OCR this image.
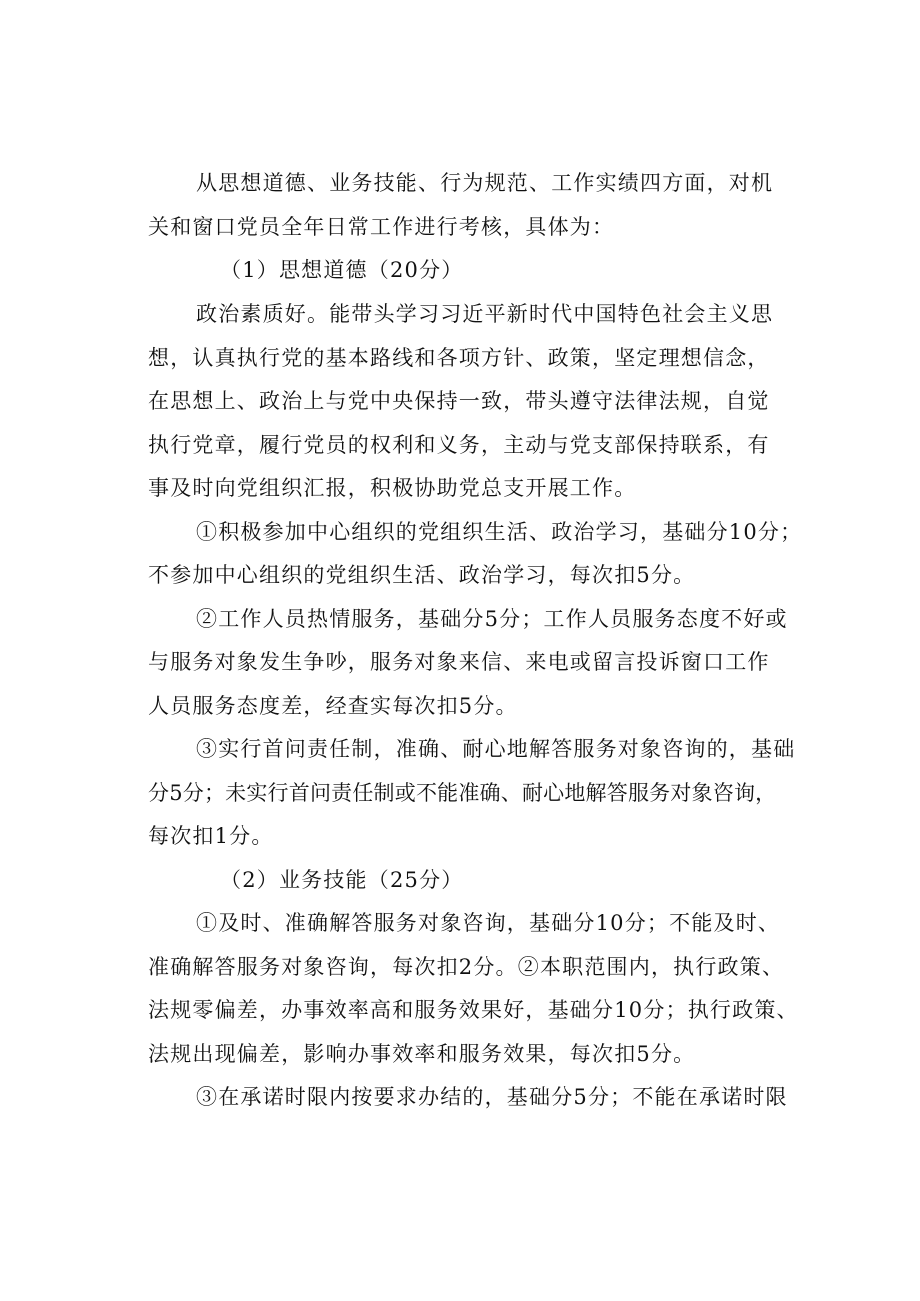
从思想道德、业务技能、行为规范、工作实绩四方面，对机
关和窗口党员全年日常工作进行考核，具体为：
（1）思想道德（20分）
政治素质好。能带头学习习近平新时代中国特色社会主义思
想，认真执行党的基本路线和各项方针、政策，坚定理想信念，
在思想上、政治上与党中央保持一致，带头遵守法律法规，自觉
执行党章，履行党员的权利和义务，主动与党支部保持联系，有
事及时向党组织汇报，积极协助党总支开展工作。
①积极参加中心组织的党组织生活、政治学习，基础分10分；
不参加中心组织的党组织生活、政治学习，每次扣5分。
②工作人员热情服务，基础分5分；工作人员服务态度不好或
与服务对象发生争吵，服务对象来信、来电或留言投诉窗口工作
人员服务态度差，经查实每次扣5分。
③实行首问责任制，准确、耐心地解答服务对象咨询的，基础
分5分；未实行首问责任制或不能准确、耐心地解答服务对象咨询，
每次扣1分。
（2）业务技能（25分）
①及时、准确解答服务对象咨询，基础分10分；不能及时、
准确解答服务对象咨询，每次扣2分。②本职范围内，执行政策、
法规零偏差，办事效率高和服务效果好，基础分10分；执行政策、
法规出现偏差，影响办事效率和服务效果，每次扣5分。
③在承诺时限内按要求办结的，基础分5分；不能在承诺时限
